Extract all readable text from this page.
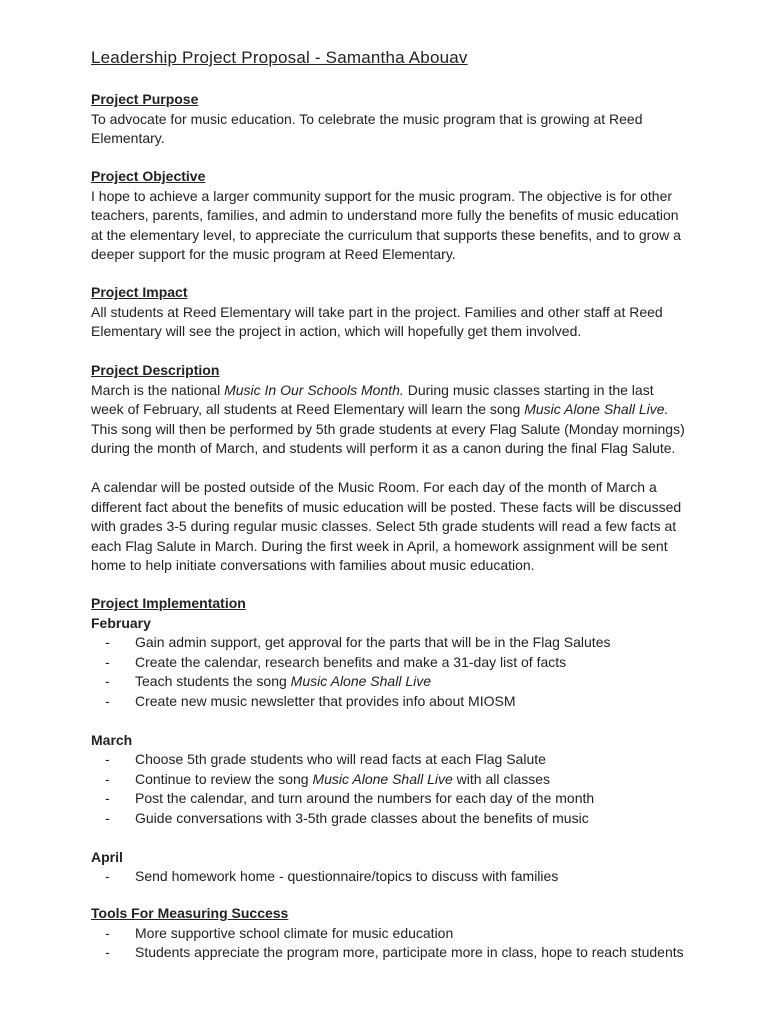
Leadership Project Proposal - Samantha Abouav

Project Purpose

To advocate for music education. To celebrate the music program that is growing at Reed

Elementary.

Project Objective

I hope to achieve a larger community support for the music program. The objective is for other

teachers, parents, families, and admin to understand more fully the benefits of music education

at the elementary level, to appreciate the curriculum that supports these benefits, and to grow a

deeper support for the music program at Reed Elementary.

Project Impact

All students at Reed Elementary will take part in the project. Families and other staff at Reed

Elementary will see the project in action, which will hopefully get them involved.

Project Description

March is the national Music In Our Schools Month. During music classes starting in the last

week of February, all students at Reed Elementary will learn the song Music Alone Shall Live.

This song will then be performed by 5th grade students at every Flag Salute (Monday mornings)

during the month of March, and students will perform it as a canon during the final Flag Salute.

A calendar will be posted outside of the Music Room. For each day of the month of March a

different fact about the benefits of music education will be posted. These facts will be discussed

with grades 3-5 during regular music classes. Select 5th grade students will read a few facts at

each Flag Salute in March. During the first week in April, a homework assignment will be sent

home to help initiate conversations with families about music education.

Project Implementation

February

- Gain admin support, get approval for the parts that will be in the Flag Salutes
- Create the calendar, research benefits and make a 31-day list of facts
- Teach students the song Music Alone Shall Live
- Create new music newsletter that provides info about MIOSM

March

- Choose 5th grade students who will read facts at each Flag Salute
- Continue to review the song Music Alone Shall Live with all classes
- Post the calendar, and turn around the numbers for each day of the month
- Guide conversations with 3-5th grade classes about the benefits of music

April

- Send homework home - questionnaire/topics to discuss with families

Tools For Measuring Success

- More supportive school climate for music education
- Students appreciate the program more, participate more in class, hope to reach students
